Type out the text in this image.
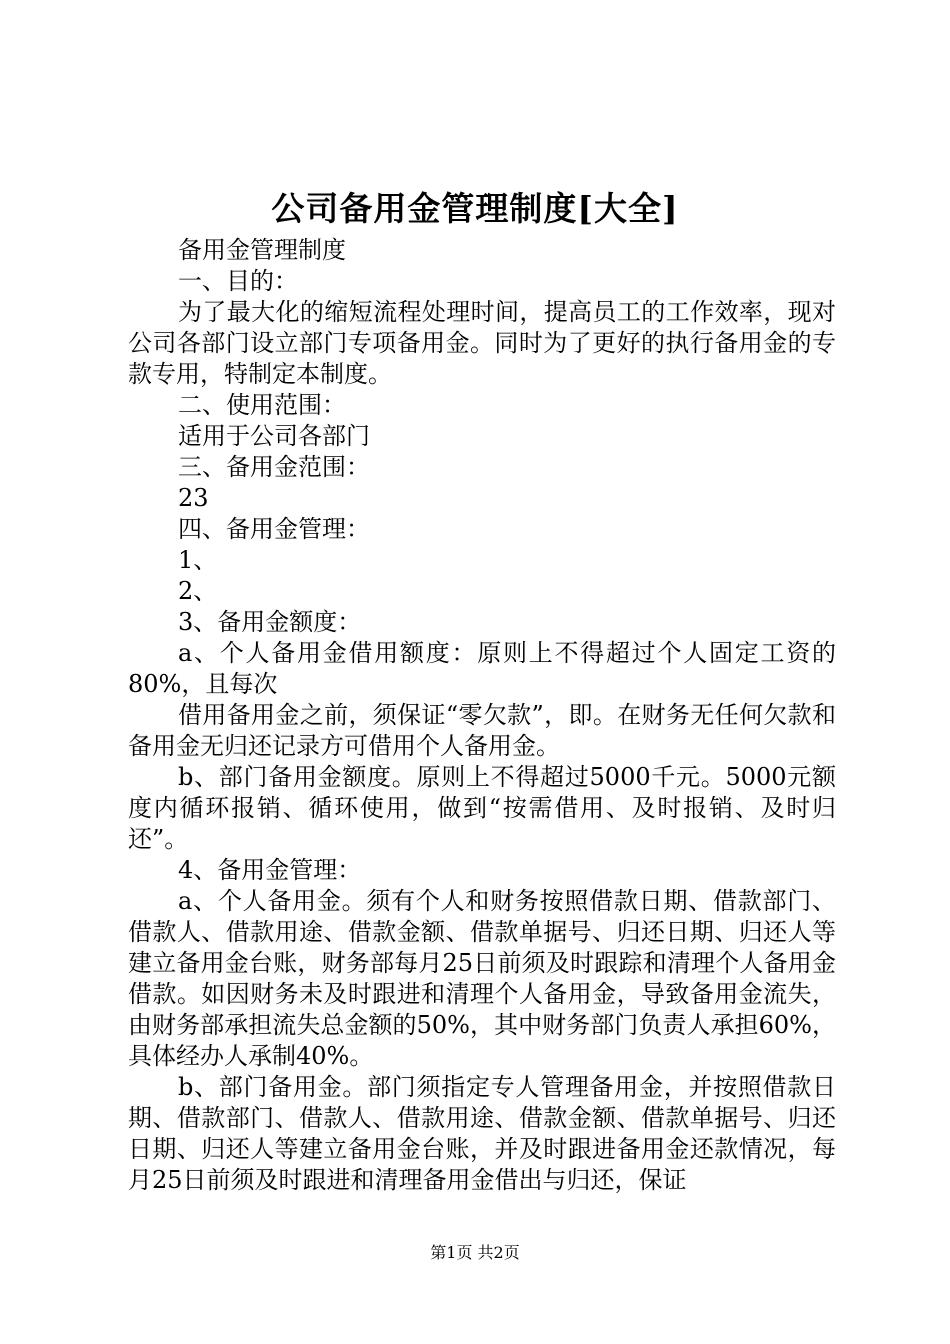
公司备用金管理制度[大全]

备用金管理制度

一、目的：

为了最大化的缩短流程处理时间，提高员工的工作效率，现对公司各部门设立部门专项备用金。同时为了更好的执行备用金的专款专用，特制定本制度。

二、使用范围：

适用于公司各部门

三、备用金范围：

23

四、备用金管理：

1、

2、

3、备用金额度：

a、个人备用金借用额度：原则上不得超过个人固定工资的80%，且每次

借用备用金之前，须保证“零欠款”，即。在财务无任何欠款和备用金无归还记录方可借用个人备用金。

b、部门备用金额度。原则上不得超过5000千元。5000元额度内循环报销、循环使用，做到“按需借用、及时报销、及时归还”。

4、备用金管理：

a、个人备用金。须有个人和财务按照借款日期、借款部门、借款人、借款用途、借款金额、借款单据号、归还日期、归还人等建立备用金台账，财务部每月25日前须及时跟踪和清理个人备用金借款。如因财务未及时跟进和清理个人备用金，导致备用金流失，由财务部承担流失总金额的50%，其中财务部门负责人承担60%，具体经办人承制40%。

b、部门备用金。部门须指定专人管理备用金，并按照借款日期、借款部门、借款人、借款用途、借款金额、借款单据号、归还日期、归还人等建立备用金台账，并及时跟进备用金还款情况，每月25日前须及时跟进和清理备用金借出与归还，保证

第1页 共2页
